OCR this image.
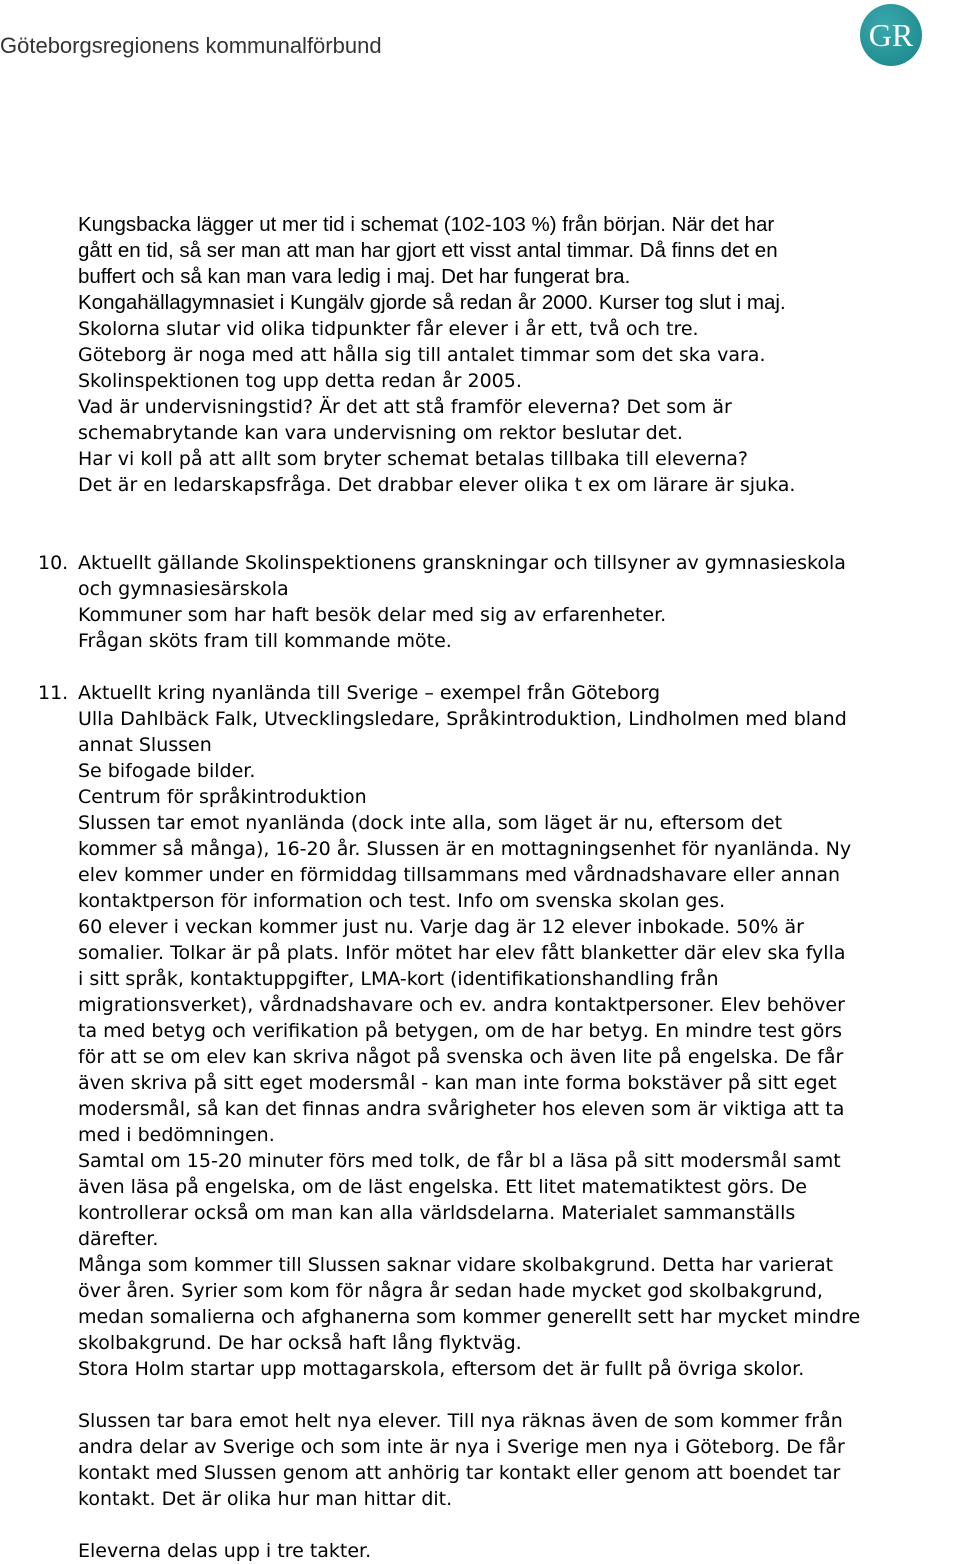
Göteborgsregionens kommunalförbund	GR
Kungsbacka lägger ut mer tid i schemat (102-103 %) från början. När det har
gått en tid, så ser man att man har gjort ett visst antal timmar. Då finns det en
buffert och så kan man vara ledig i maj. Det har fungerat bra.
Kongahällagymnasiet i Kungälv gjorde så redan år 2000. Kurser tog slut i maj.
Skolorna slutar vid olika tidpunkter får elever i år ett, två och tre.
Göteborg är noga med att hålla sig till antalet timmar som det ska vara.
Skolinspektionen tog upp detta redan år 2005.
Vad är undervisningstid? Är det att stå framför eleverna? Det som är
schemabrytande kan vara undervisning om rektor beslutar det.
Har vi koll på att allt som bryter schemat betalas tillbaka till eleverna?
Det är en ledarskapsfråga. Det drabbar elever olika t ex om lärare är sjuka.
10. Aktuellt gällande Skolinspektionens granskningar och tillsyner av gymnasieskola
och gymnasiesärskola
Kommuner som har haft besök delar med sig av erfarenheter.
Frågan sköts fram till kommande möte.
11. Aktuellt kring nyanlända till Sverige – exempel från Göteborg
Ulla Dahlbäck Falk, Utvecklingsledare, Språkintroduktion, Lindholmen med bland
annat Slussen
Se bifogade bilder.
Centrum för språkintroduktion
Slussen tar emot nyanlända (dock inte alla, som läget är nu, eftersom det
kommer så många), 16-20 år. Slussen är en mottagningsenhet för nyanlända. Ny
elev kommer under en förmiddag tillsammans med vårdnadshavare eller annan
kontaktperson för information och test. Info om svenska skolan ges.
60 elever i veckan kommer just nu. Varje dag är 12 elever inbokade. 50% är
somalier. Tolkar är på plats. Inför mötet har elev fått blanketter där elev ska fylla
i sitt språk, kontaktuppgifter, LMA-kort (identifikationshandling från
migrationsverket), vårdnadshavare och ev. andra kontaktpersoner. Elev behöver
ta med betyg och verifikation på betygen, om de har betyg. En mindre test görs
för att se om elev kan skriva något på svenska och även lite på engelska. De får
även skriva på sitt eget modersmål - kan man inte forma bokstäver på sitt eget
modersmål, så kan det finnas andra svårigheter hos eleven som är viktiga att ta
med i bedömningen.
Samtal om 15-20 minuter förs med tolk, de får bl a läsa på sitt modersmål samt
även läsa på engelska, om de läst engelska. Ett litet matematiktest görs. De
kontrollerar också om man kan alla världsdelarna. Materialet sammanställs
därefter.
Många som kommer till Slussen saknar vidare skolbakgrund. Detta har varierat
över åren. Syrier som kom för några år sedan hade mycket god skolbakgrund,
medan somalierna och afghanerna som kommer generellt sett har mycket mindre
skolbakgrund. De har också haft lång flyktväg.
Stora Holm startar upp mottagarskola, eftersom det är fullt på övriga skolor.
Slussen tar bara emot helt nya elever. Till nya räknas även de som kommer från
andra delar av Sverige och som inte är nya i Sverige men nya i Göteborg. De får
kontakt med Slussen genom att anhörig tar kontakt eller genom att boendet tar
kontakt. Det är olika hur man hittar dit.
Eleverna delas upp i tre takter.
